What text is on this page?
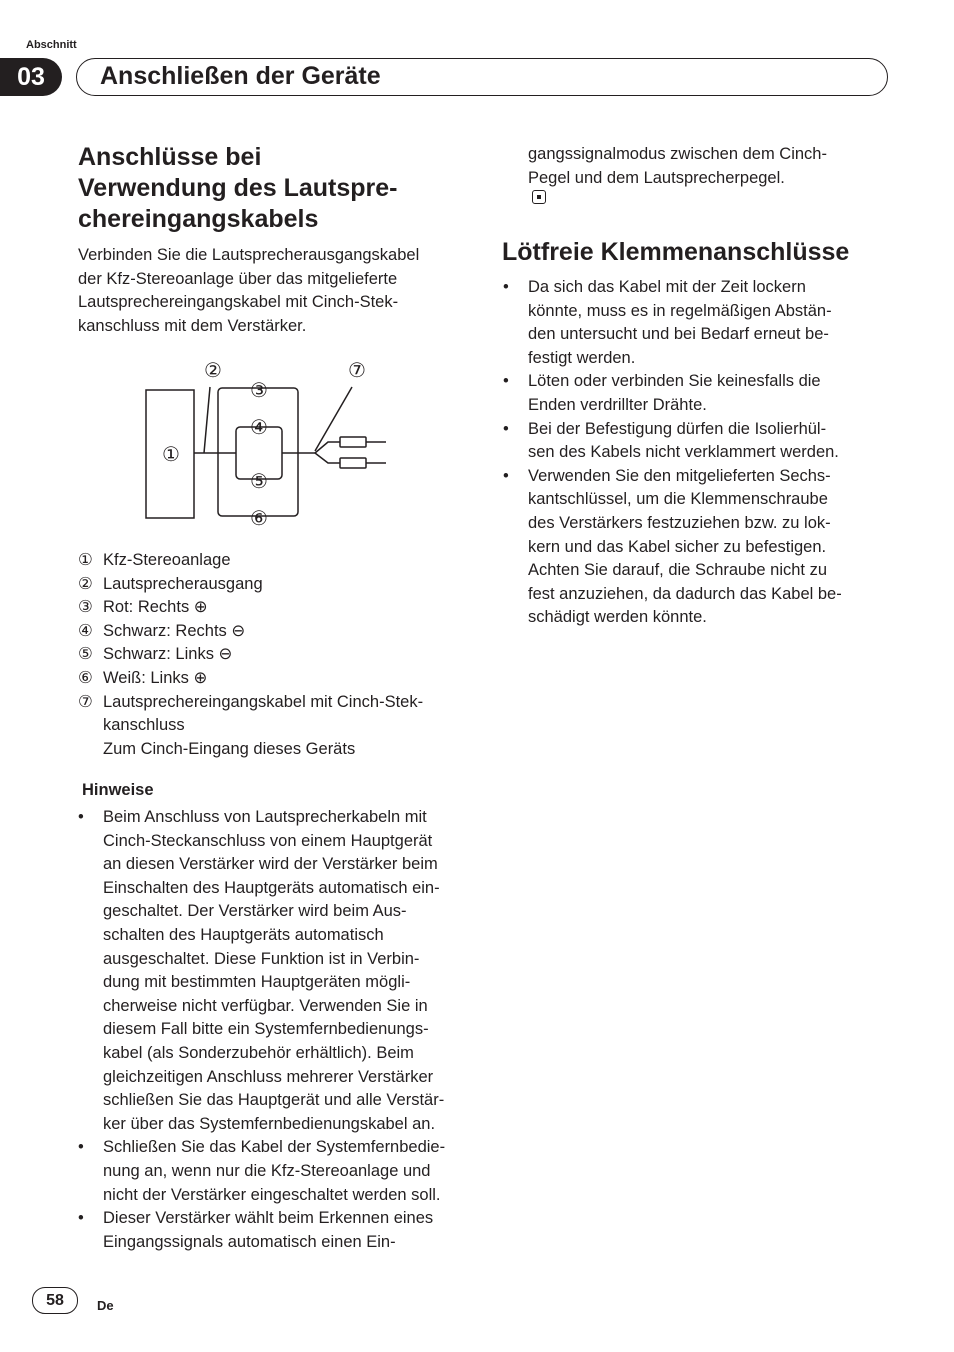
Abschnitt
03	Anschließen der Geräte
Anschlüsse bei
Verwendung des Lautspre-
chereingangskabels
Verbinden Sie die Lautsprecherausgangskabel
der Kfz-Stereoanlage über das mitgelieferte
Lautsprechereingangskabel mit Cinch-Stek-
kanschluss mit dem Verstärker.
①
②
③
④
⑤
⑥
⑦
① Kfz-Stereoanlage
② Lautsprecherausgang
③ Rot: Rechts ⊕
④ Schwarz: Rechts ⊖
⑤ Schwarz: Links ⊖
⑥ Weiß: Links ⊕
⑦ Lautsprechereingangskabel mit Cinch-Stek-
kanschluss
Zum Cinch-Eingang dieses Geräts
Hinweise
• Beim Anschluss von Lautsprecherkabeln mit
Cinch-Steckanschluss von einem Hauptgerät
an diesen Verstärker wird der Verstärker beim
Einschalten des Hauptgeräts automatisch ein-
geschaltet. Der Verstärker wird beim Aus-
schalten des Hauptgeräts automatisch
ausgeschaltet. Diese Funktion ist in Verbin-
dung mit bestimmten Hauptgeräten mögli-
cherweise nicht verfügbar. Verwenden Sie in
diesem Fall bitte ein Systemfernbedienungs-
kabel (als Sonderzubehör erhältlich). Beim
gleichzeitigen Anschluss mehrerer Verstärker
schließen Sie das Hauptgerät und alle Verstär-
ker über das Systemfernbedienungskabel an.
• Schließen Sie das Kabel der Systemfernbedie-
nung an, wenn nur die Kfz-Stereoanlage und
nicht der Verstärker eingeschaltet werden soll.
• Dieser Verstärker wählt beim Erkennen eines
Eingangssignals automatisch einen Ein-
gangssignalmodus zwischen dem Cinch-
Pegel und dem Lautsprecherpegel.
Lötfreie Klemmenanschlüsse
• Da sich das Kabel mit der Zeit lockern
könnte, muss es in regelmäßigen Abstän-
den untersucht und bei Bedarf erneut be-
festigt werden.
• Löten oder verbinden Sie keinesfalls die
Enden verdrillter Drähte.
• Bei der Befestigung dürfen die Isolierhül-
sen des Kabels nicht verklammert werden.
• Verwenden Sie den mitgelieferten Sechs-
kantschlüssel, um die Klemmenschraube
des Verstärkers festzuziehen bzw. zu lok-
kern und das Kabel sicher zu befestigen.
Achten Sie darauf, die Schraube nicht zu
fest anzuziehen, da dadurch das Kabel be-
schädigt werden könnte.
58	De
